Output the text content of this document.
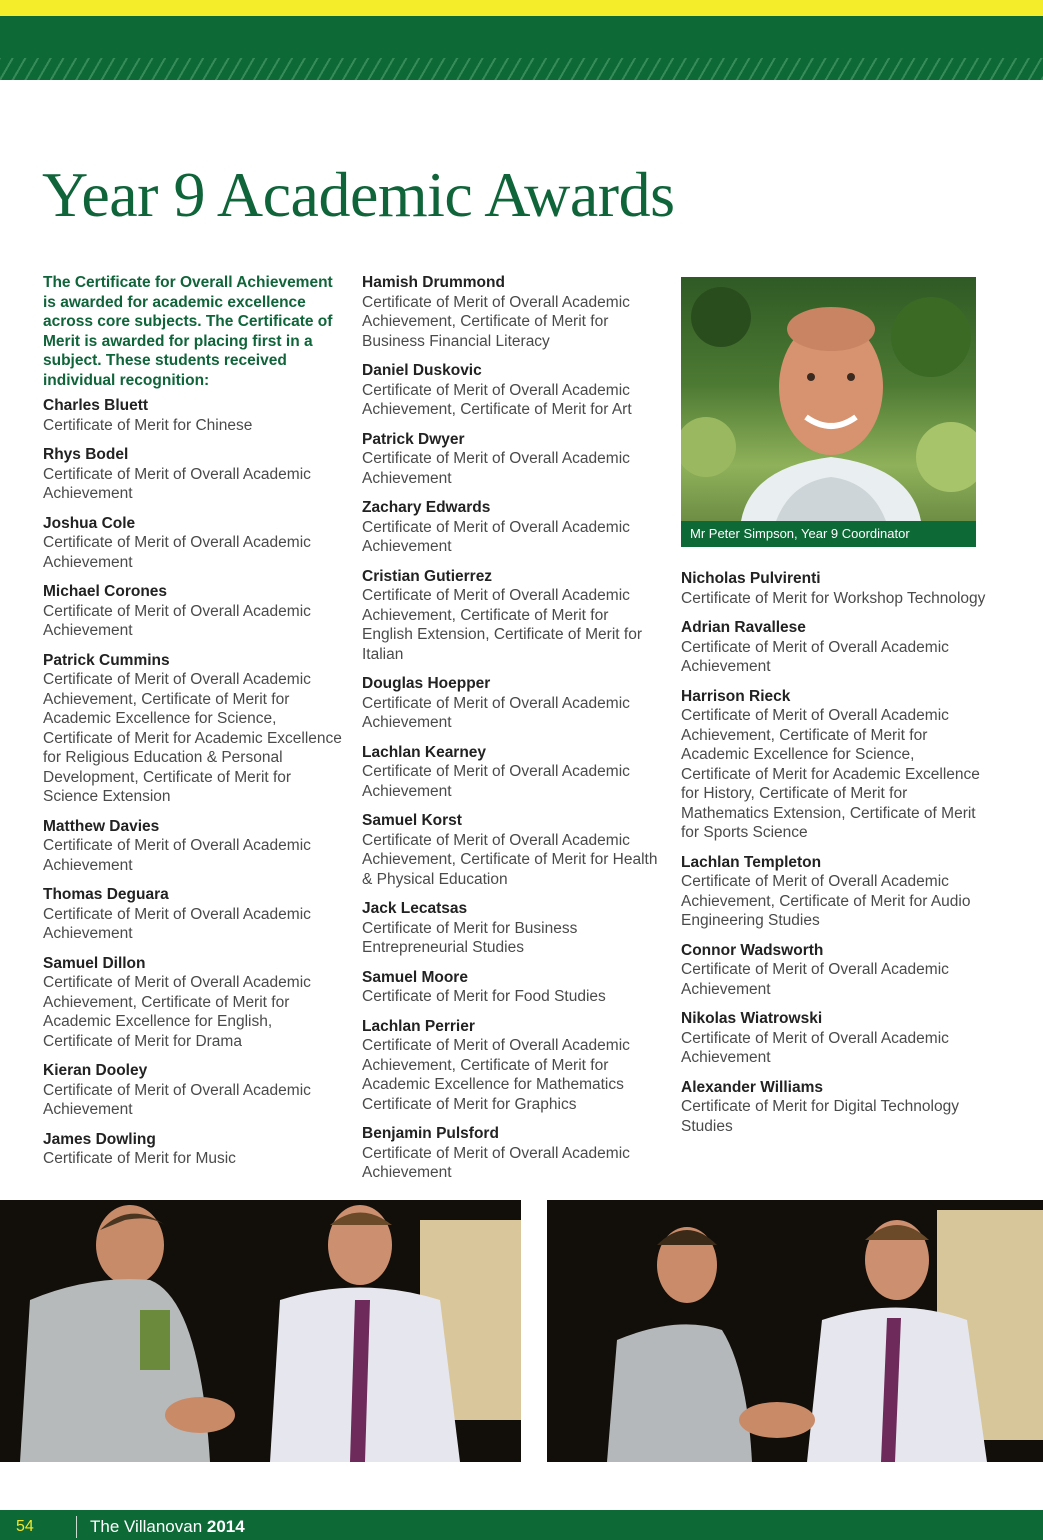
Year 9 Academic Awards

The Certificate for Overall Achievement is awarded for academic excellence across core subjects. The Certificate of Merit is awarded for placing first in a subject. These students received individual recognition:

Charles Bluett
Certificate of Merit for Chinese
Rhys Bodel
Certificate of Merit of Overall Academic Achievement
Joshua Cole
Certificate of Merit of Overall Academic Achievement
Michael Corones
Certificate of Merit of Overall Academic Achievement
Patrick Cummins
Certificate of Merit of Overall Academic Achievement, Certificate of Merit for Academic Excellence for Science, Certificate of Merit for Academic Excellence for Religious Education & Personal Development, Certificate of Merit for Science Extension
Matthew Davies
Certificate of Merit of Overall Academic Achievement
Thomas Deguara
Certificate of Merit of Overall Academic Achievement
Samuel Dillon
Certificate of Merit of Overall Academic Achievement, Certificate of Merit for Academic Excellence for English, Certificate of Merit for Drama
Kieran Dooley
Certificate of Merit of Overall Academic Achievement
James Dowling
Certificate of Merit for Music
Hamish Drummond
Certificate of Merit of Overall Academic Achievement, Certificate of Merit for Business Financial Literacy
Daniel Duskovic
Certificate of Merit of Overall Academic Achievement, Certificate of Merit for Art
Patrick Dwyer
Certificate of Merit of Overall Academic Achievement
Zachary Edwards
Certificate of Merit of Overall Academic Achievement
Cristian Gutierrez
Certificate of Merit of Overall Academic Achievement, Certificate of Merit for English Extension, Certificate of Merit for Italian
Douglas Hoepper
Certificate of Merit of Overall Academic Achievement
Lachlan Kearney
Certificate of Merit of Overall Academic Achievement
Samuel Korst
Certificate of Merit of Overall Academic Achievement, Certificate of Merit for Health & Physical Education
Jack Lecatsas
Certificate of Merit for Business Entrepreneurial Studies
Samuel Moore
Certificate of Merit for Food Studies
Lachlan Perrier
Certificate of Merit of Overall Academic Achievement, Certificate of Merit for Academic Excellence for Mathematics Certificate of Merit for Graphics
Benjamin Pulsford
Certificate of Merit of Overall Academic Achievement
Mr Peter Simpson, Year 9 Coordinator
Nicholas Pulvirenti
Certificate of Merit for Workshop Technology
Adrian Ravallese
Certificate of Merit of Overall Academic Achievement
Harrison Rieck
Certificate of Merit of Overall Academic Achievement, Certificate of Merit for Academic Excellence for Science, Certificate of Merit for Academic Excellence for History, Certificate of Merit for Mathematics Extension, Certificate of Merit for Sports Science
Lachlan Templeton
Certificate of Merit of Overall Academic Achievement, Certificate of Merit for Audio Engineering Studies
Connor Wadsworth
Certificate of Merit of Overall Academic Achievement
Nikolas Wiatrowski
Certificate of Merit of Overall Academic Achievement
Alexander Williams
Certificate of Merit for Digital Technology Studies
54	The Villanovan 2014
